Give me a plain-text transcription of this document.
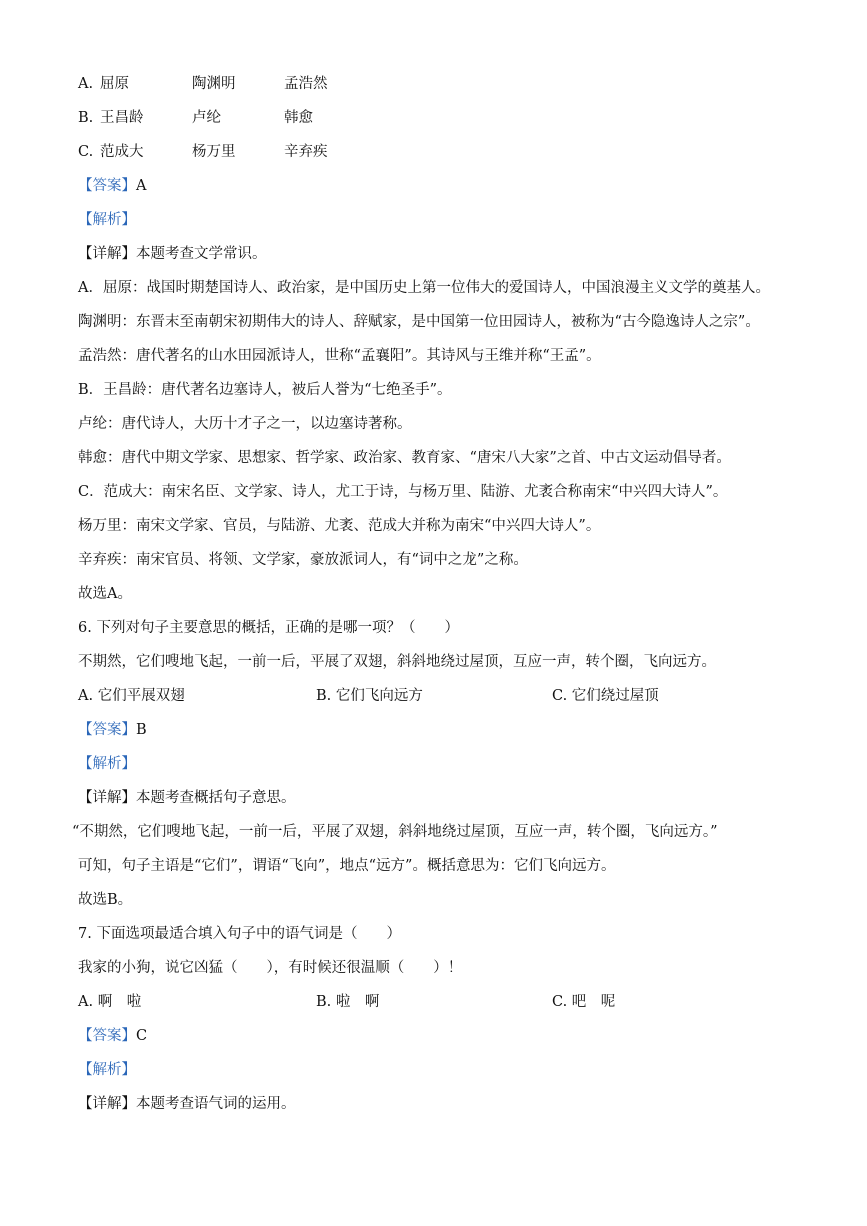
A. 屈原	陶渊明	孟浩然
B. 王昌龄	卢纶	韩愈
C. 范成大	杨万里	辛弃疾
【答案】A
【解析】
【详解】本题考查文学常识。
A．屈原：战国时期楚国诗人、政治家，是中国历史上第一位伟大的爱国诗人，中国浪漫主义文学的奠基人。
陶渊明：东晋末至南朝宋初期伟大的诗人、辞赋家，是中国第一位田园诗人，被称为“古今隐逸诗人之宗”。
孟浩然：唐代著名的山水田园派诗人，世称“孟襄阳”。其诗风与王维并称“王孟”。
B．王昌龄：唐代著名边塞诗人，被后人誉为“七绝圣手”。
卢纶：唐代诗人，大历十才子之一，以边塞诗著称。
韩愈：唐代中期文学家、思想家、哲学家、政治家、教育家、“唐宋八大家”之首、中古文运动倡导者。
C．范成大：南宋名臣、文学家、诗人，尤工于诗，与杨万里、陆游、尤袤合称南宋“中兴四大诗人”。
杨万里：南宋文学家、官员，与陆游、尤袤、范成大并称为南宋“中兴四大诗人”。
辛弃疾：南宋官员、将领、文学家，豪放派词人，有“词中之龙”之称。
故选A。
6. 下列对句子主要意思的概括，正确的是哪一项？（　　）
不期然，它们嗖地飞起，一前一后，平展了双翅，斜斜地绕过屋顶，互应一声，转个圈，飞向远方。
A. 它们平展双翅	B. 它们飞向远方	C. 它们绕过屋顶
【答案】B
【解析】
【详解】本题考查概括句子意思。
“不期然，它们嗖地飞起，一前一后，平展了双翅，斜斜地绕过屋顶，互应一声，转个圈，飞向远方。”
可知，句子主语是“它们”，谓语“飞向”，地点“远方”。概括意思为：它们飞向远方。
故选B。
7. 下面选项最适合填入句子中的语气词是（　　）
我家的小狗，说它凶猛（　　），有时候还很温顺（　　）！
A. 啊　啦	B. 啦　啊	C. 吧　呢
【答案】C
【解析】
【详解】本题考查语气词的运用。
